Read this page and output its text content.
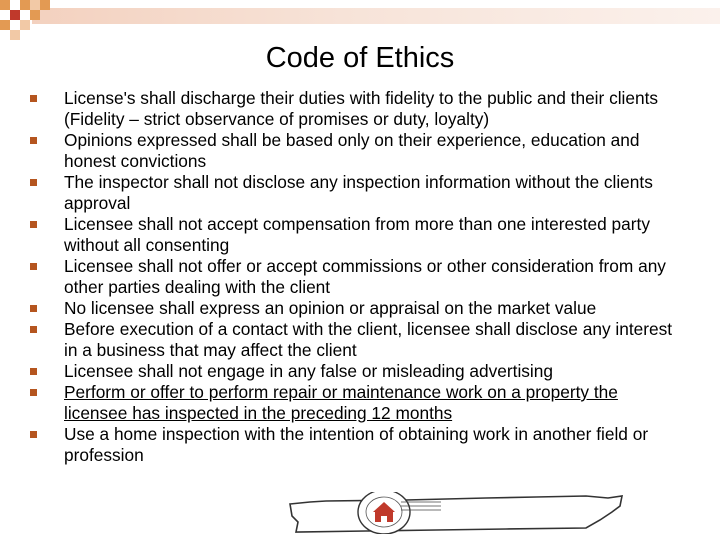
Code of Ethics
License's shall discharge their duties with fidelity to the public and their clients (Fidelity – strict observance of promises or duty, loyalty)
Opinions expressed shall be based only on their experience, education and honest convictions
The inspector shall not disclose any inspection information without the clients approval
Licensee shall not accept compensation from more than one interested party without all consenting
Licensee shall not offer or accept commissions or other consideration from any other parties dealing with the client
No licensee shall express an opinion or appraisal on the market value
Before execution of a contact with the client, licensee shall disclose any interest in a business that may affect the client
Licensee shall not engage in any false or misleading advertising
Perform or offer to perform repair or maintenance work on a property the licensee has inspected in the preceding 12 months
Use a home inspection with the intention of obtaining work in another field or profession
